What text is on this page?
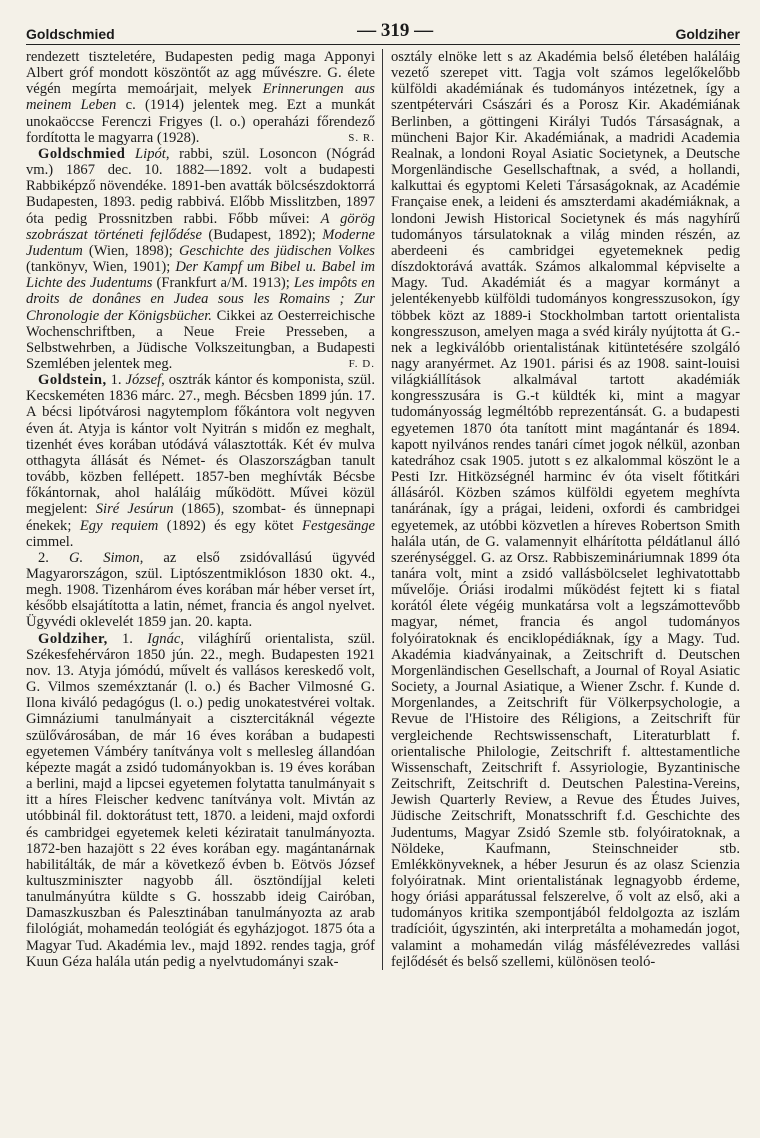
Goldschmied	— 319 —	Goldziher

rendezett tiszteletére, Budapesten pedig maga Apponyi Albert gróf mondott köszöntőt az agg művészre. G. élete végén megírta memoárjait, melyek Erinnerungen aus meinem Leben c. (1914) jelentek meg. Ezt a munkát unokaöccse Ferenczi Frigyes (l. o.) operaházi főrendező fordította le magyarra (1928).	S. R.

Goldschmied Lipót, rabbi, szül. Losoncon (Nógrád vm.) 1867 dec. 10. 1882—1892. volt a budapesti Rabbiképző növendéke. 1891-ben avatták bölcsészdoktorrá Budapesten, 1893. pedig rabbivá. Előbb Misslitzben, 1897 óta pedig Prossnitzben rabbi. Főbb művei: A görög szobrászat történeti fejlődése (Budapest, 1892); Moderne Judentum (Wien, 1898); Geschichte des jüdischen Volkes (tankönyv, Wien, 1901); Der Kampf um Bibel u. Babel im Lichte des Judentums (Frankfurt a/M. 1913); Les impôts en droits de donânes en Judea sous les Romains ; Zur Chronologie der Königsbücher. Cikkei az Oesterreichische Wochenschriftben, a Neue Freie Presseben, a Selbstwehrben, a Jüdische Volkszeitungban, a Budapesti Szemlében jelentek meg.	F. D.

Goldstein, 1. József, osztrák kántor és komponista, szül. Kecskeméten 1836 márc. 27., megh. Bécsben 1899 jún. 17. A bécsi lipótvárosi nagytemplom főkántora volt negyven éven át. Atyja is kántor volt Nyitrán s midőn ez meghalt, tizenhét éves korában utódává választották. Két év mulva otthagyta állását és Német- és Olaszországban tanult tovább, közben fellépett. 1857-ben meghívták Bécsbe főkántornak, ahol haláláig működött. Művei közül megjelent: Siré Jesúrun (1865), szombat- és ünnepnapi énekek; Egy requiem (1892) és egy kötet Festgesänge cimmel.

2. G. Simon, az első zsidóvallású ügyvéd Magyarországon, szül. Liptószentmiklóson 1830 okt. 4., megh. 1908. Tizenhárom éves korában már héber verset írt, később elsajátította a latin, német, francia és angol nyelvet. Ügyvédi oklevelét 1859 jan. 20. kapta.

Goldziher, 1. Ignác, világhírű orientalista, szül. Székesfehérváron 1850 jún. 22., megh. Budapesten 1921 nov. 13. Atyja jómódú, művelt és vallásos kereskedő volt, G. Vilmos szeméxztanár (l. o.) és Bacher Vilmosné G. Ilona kiváló pedagógus (l. o.) pedig unokatestvérei voltak. Gimnáziumi tanulmányait a cisztercitáknál végezte szülővárosában, de már 16 éves korában a budapesti egyetemen Vámbéry tanítványa volt s mellesleg állandóan képezte magát a zsidó tudományokban is. 19 éves korában a berlini, majd a lipcsei egyetemen folytatta tanulmányait s itt a híres Fleischer kedvenc tanítványa volt. Mivtán az utóbbinál fil. doktorátust tett, 1870. a leideni, majd oxfordi és cambridgei egyetemek keleti kéziratait tanulmányozta. 1872-ben hazajött s 22 éves korában egy. magántanárnak habilitálták, de már a következő évben b. Eötvös József kultuszminiszter nagyobb áll. ösztöndíjjal keleti tanulmányútra küldte s G. hosszabb ideig Cairóban, Damaszkuszban és Palesztinában tanulmányozta az arab filológiát, mohamedán teológiát és egyházjogot. 1875 óta a Magyar Tud. Akadémia lev., majd 1892. rendes tagja, gróf Kuun Géza halála után pedig a nyelvtudományi szak-

osztály elnöke lett s az Akadémia belső életében haláláig vezető szerepet vitt. Tagja volt számos legelőkelőbb külföldi akadémiának és tudományos intézetnek, így a szentpétervári Császári és a Porosz Kir. Akadémiának Berlinben, a göttingeni Királyi Tudós Társaságnak, a müncheni Bajor Kir. Akadémiának, a madridi Academia Realnak, a londoni Royal Asiatic Societynek, a Deutsche Morgenländische Gesellschaftnak, a svéd, a hollandi, kalkuttai és egyptomi Keleti Társaságoknak, az Académie Française enek, a leideni és amszterdami akadémiáknak, a londoni Jewish Historical Societynek és más nagyhírű tudományos társulatoknak a világ minden részén, az aberdeeni és cambridgei egyetemeknek pedig díszdoktorává avatták. Számos alkalommal képviselte a Magy. Tud. Akadémiát és a magyar kormányt a jelentékenyebb külföldi tudományos kongresszusokon, így többek közt az 1889-i Stockholmban tartott orientalista kongresszuson, amelyen maga a svéd király nyújtotta át G.-nek a legkiválóbb orientalistának kitüntetésére szolgáló nagy aranyérmet. Az 1901. párisi és az 1908. saint-louisi világkiállítások alkalmával tartott akadémiák kongresszusára is G.-t küldték ki, mint a magyar tudományosság legméltóbb reprezentánsát. G. a budapesti egyetemen 1870 óta tanított mint magántanár és 1894. kapott nyilvános rendes tanári címet jogok nélkül, azonban katedrához csak 1905. jutott s ez alkalommal köszönt le a Pesti Izr. Hitközségnél harminc év óta viselt főtitkári állásáról. Közben számos külföldi egyetem meghívta tanárának, így a prágai, leideni, oxfordi és cambridgei egyetemek, az utóbbi közvetlen a híreves Robertson Smith halála után, de G. valamennyit elhárította példátlanul álló szerénységgel. G. az Orsz. Rabbiszemináriumnak 1899 óta tanára volt, mint a zsidó vallásbölcselet leghivatottabb művelője. Óriási irodalmi működést fejtett ki s fiatal korától élete végéig munkatársa volt a legszámottevőbb magyar, német, francia és angol tudományos folyóiratoknak és enciklopédiáknak, így a Magy. Tud. Akadémia kiadványainak, a Zeitschrift d. Deutschen Morgenländischen Gesellschaft, a Journal of Royal Asiatic Society, a Journal Asiatique, a Wiener Zschr. f. Kunde d. Morgenlandes, a Zeitschrift für Völkerpsychologie, a Revue de l'Histoire des Réligions, a Zeitschrift für vergleichende Rechtswissenschaft, Literaturblatt f. orientalische Philologie, Zeitschrift f. alttestamentliche Wissenschaft, Zeitschrift f. Assyriologie, Byzantinische Zeitschrift, Zeitschrift d. Deutschen Palestina-Vereins, Jewish Quarterly Review, a Revue des Études Juives, Jüdische Zeitschrift, Monatsschrift f.d. Geschichte des Judentums, Magyar Zsidó Szemle stb. folyóiratoknak, a Nöldeke, Kaufmann, Steinschneider stb. Emlékkönyveknek, a héber Jesurun és az olasz Scienzia folyóiratnak. Mint orientalistának legnagyobb érdeme, hogy óriási apparátussal felszerelve, ő volt az első, aki a tudományos kritika szempontjából feldolgozta az iszlám tradícióit, úgyszintén, aki interpretálta a mohamedán jogot, valamint a mohamedán világ másfélévezredes vallási fejlődését és belső szellemi, különösen teoló-
